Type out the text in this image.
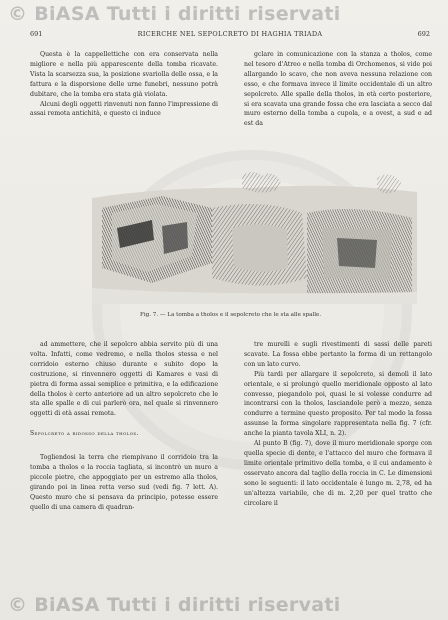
© BiASA Tutti i diritti riservati
691	RICERCHE NEL SEPOLCRETO DI HAGHIA TRIADA	692

Questa è la cappellettiche con era conservata nella migliore e nella più apparescente della tomba ricavate. Vista la scarsezza sua, la posizione svariolla delle ossa, e la fattura e la disporsione delle urne funebri, nessuno potrà dubitare, che la tomba era stata già violata.

Alcuni degli oggetti rinvenuti non fanno l'impressione di assai remota antichità, e questo ci induce

gclare in comunicazione con la stanza a tholos, come nel tesoro d'Atreo e nella tomba di Orchomenos, si vide poi allargando lo scavo, che non aveva nessuna relazione con esso, e che formava invece il limite occidentale di un altro sepolcreto. Alle spalle della tholos, in età certo posteriore, si era scavata una grande fossa che era lasciata a secco dal muro esterno della tomba a cupola, e a ovest, a sud e ad est da

Fig. 7. — La tomba a tholos e il sepolcreto che le sta alle spalle.

ad ammettere, che il sepolcro abbia servito più di una volta. Infatti, come vedremo, e nella tholos stessa e nel corridoio esterno chiuso durante e subito dopo la costruzione, si rinvennero oggetti di Kamares e vasi di pietra di forma assai semplice e primitiva, e la edificazione della tholos è certo anteriore ad un altro sepolcreto che le sta alle spalle e di cui parlerò ora, nel quale si rinvennero oggetti di età assai remota.

Sepolcreto a ridosso della tholos.

Togliendosi la terra che riempivano il corridoio tra la tomba a tholos e la roccia tagliata, si incontrò un muro a piccole pietre, che appoggiato per un estremo alla tholos, girando poi in linea retta verso sud (vedi fig. 7 lett. A). Questo muro che si pensava da principio, potesse essere quello di una camera di quadran-

tre murelli e sugli rivestimenti di sassi delle pareti scavate. La fossa ebbe pertanto la forma di un rettangolo con un lato curvo.

Più tardi per allargare il sepolcreto, si demolì il lato orientale, e si prolungò quello meridionale opposto al lato convesso, piegandolo poi, quasi le si volesse condurre ad incontrarsi con la tholos, lasciandole però a mezzo, senza condurre a termine questo proposito. Per tal modo la fossa assunse la forma singolare rappresentata nella fig. 7 (cfr. anche la pianta tavola XLI, n. 2).

Al punto B (fig. 7), dove il muro meridionale sporge con quella specie di dente, e l'attacco del muro che formava il limite orientale primitivo della tomba, e il cui andamento è osservato ancora dal taglio della roccia in C. Le dimensioni sono le seguenti: il lato occidentale è lungo m. 2,78, ed ha un'altezza variabile, che di m. 2,20 per quel tratto che circolare il

© BiASA Tutti i diritti riservati
